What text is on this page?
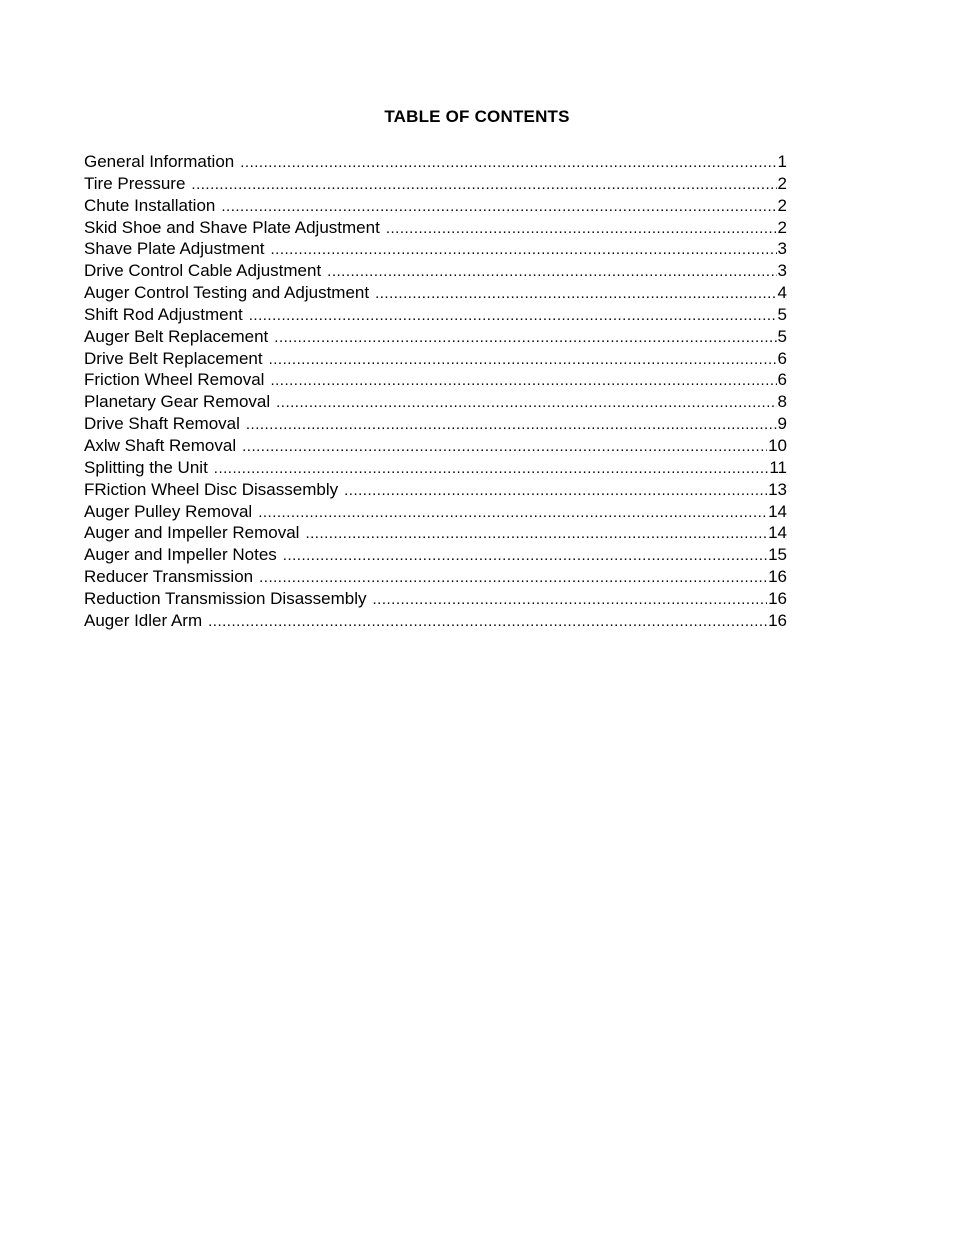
TABLE OF CONTENTS
General Information .....	1
Tire Pressure .....	2
Chute Installation .....	2
Skid Shoe and Shave Plate Adjustment .....	2
Shave Plate Adjustment .....	3
Drive Control Cable Adjustment .....	3
Auger Control Testing and Adjustment .....	4
Shift Rod Adjustment .....	5
Auger Belt Replacement .....	5
Drive Belt Replacement .....	6
Friction Wheel Removal .....	6
Planetary Gear Removal .....	8
Drive Shaft Removal .....	9
Axlw Shaft Removal .....	10
Splitting the Unit .....	11
FRiction Wheel Disc Disassembly .....	13
Auger Pulley Removal .....	14
Auger and Impeller Removal .....	14
Auger and Impeller Notes .....	15
Reducer Transmission .....	16
Reduction Transmission Disassembly .....	16
Auger Idler Arm .....	16
